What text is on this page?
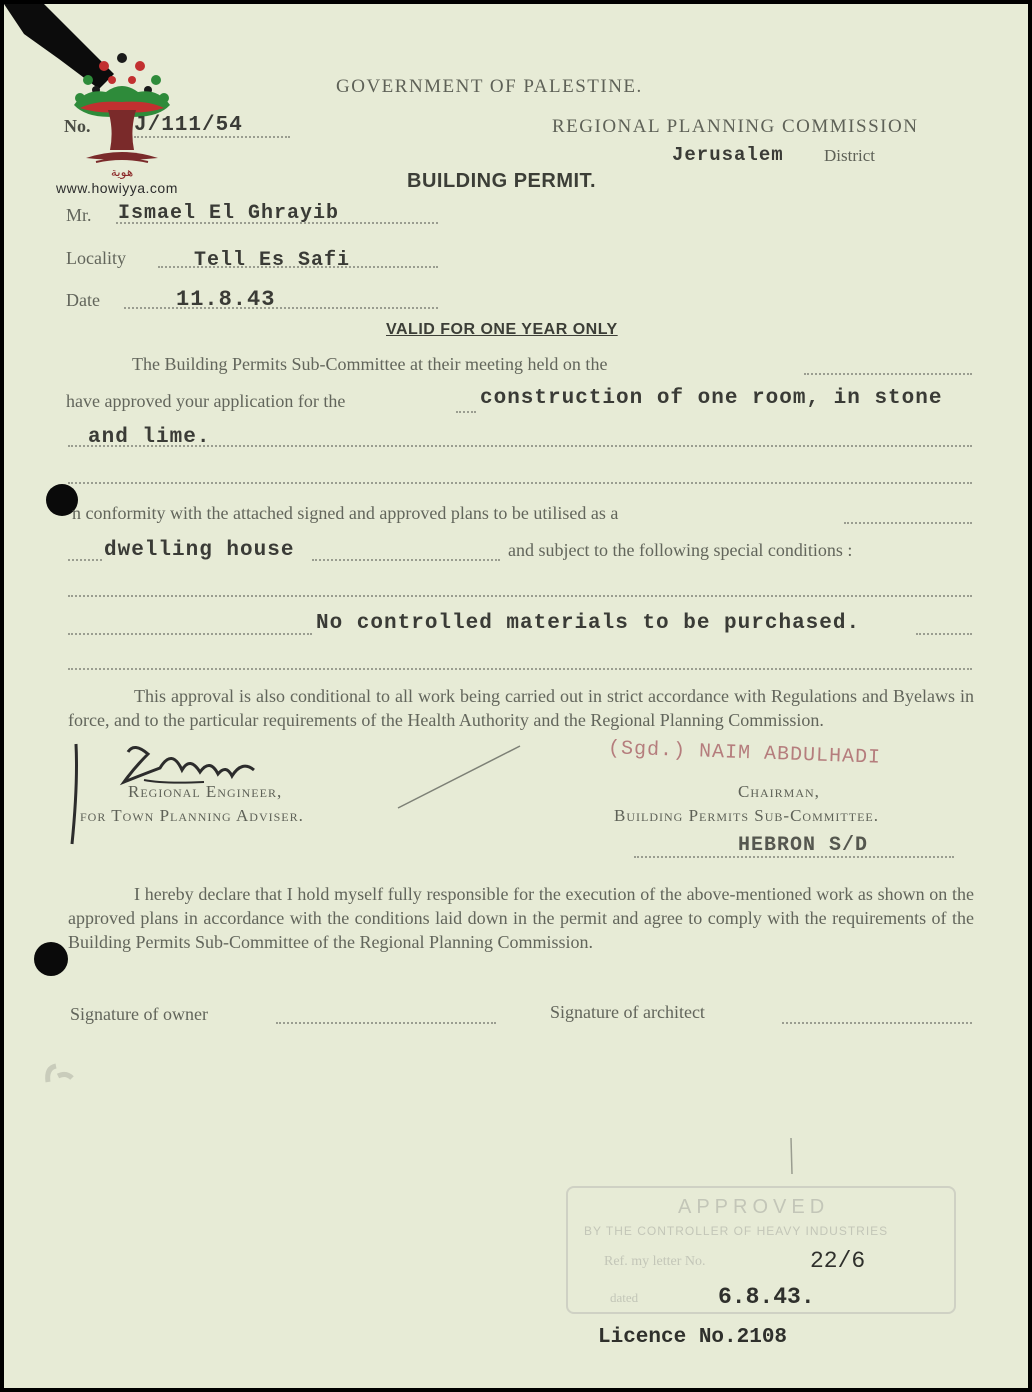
هوية
www.howiyya.com
GOVERNMENT OF PALESTINE.
No. J/111/54	REGIONAL PLANNING COMMISSION
Jerusalem District
BUILDING PERMIT.
Mr. Ismael El Ghrayib
Locality	Tell Es Safi
Date	11.8.43
VALID FOR ONE YEAR ONLY
The Building Permits Sub-Committee at their meeting held on the
have approved your application for the	construction of one room, in stone
and lime.
n conformity with the attached signed and approved plans to be utilised as a
dwelling house	and subject to the following special conditions :
No controlled materials to be purchased.
This approval is also conditional to all work being carried out in strict accordance with Regulations and Byelaws in force, and to the particular requirements of the Health Authority and the Regional Planning Commission.
Regional Engineer,
for Town Planning Adviser.
(Sgd.) NAIM ABDULHADI
Chairman,
Building Permits Sub-Committee.
HEBRON S/D
I hereby declare that I hold myself fully responsible for the execution of the above-mentioned work as shown on the approved plans in accordance with the conditions laid down in the permit and agree to comply with the requirements of the Building Permits Sub-Committee of the Regional Planning Commission.
Signature of owner	Signature of architect
APPROVED
BY THE CONTROLLER OF HEAVY INDUSTRIES
Ref. my letter No.	22/6
dated	6.8.43.
Licence No.2108
